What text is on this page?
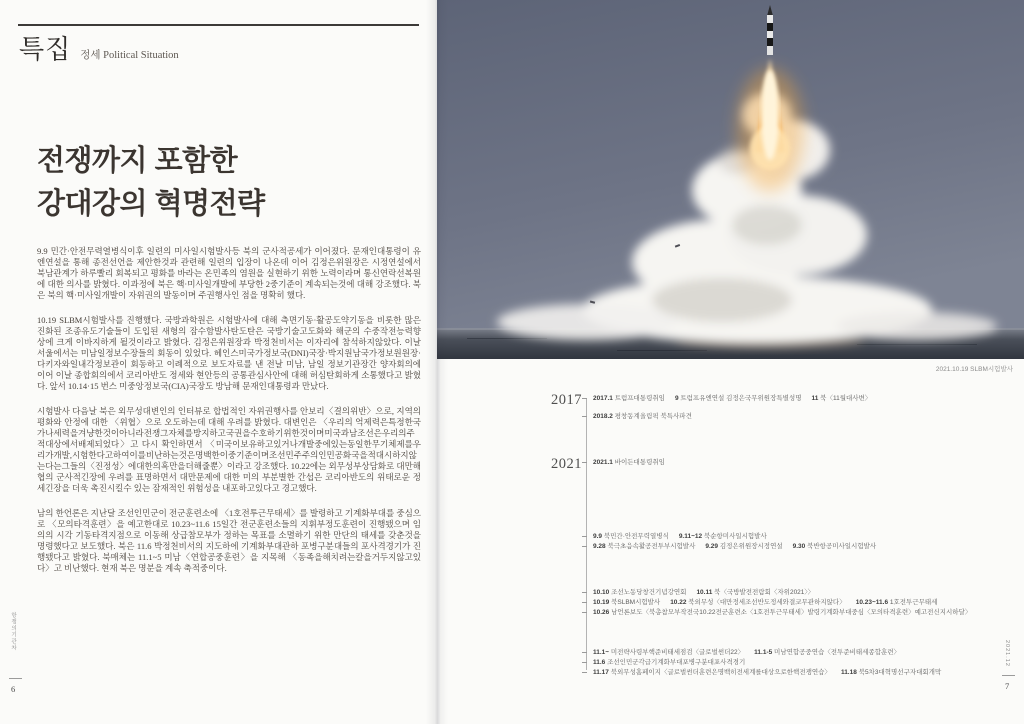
특집 정세 Political Situation
전쟁까지 포함한
강대강의 혁명전략

9.9 민간·안전무력열병식이후 일련의 미사일시험발사등 북의 군사적공세가 이어졌다. 문재인대통령이 유엔연설을 통해 종전선언을 제안한것과 관련해 일련의 입장이 나온데 이어 김정은위원장은 시정연설에서 북남관계가 하루빨리 회복되고 평화를 바라는 온민족의 염원을 실현하기 위한 노력이라며 통신연락선복원에 대한 의사를 밝혔다. 이과정에 북은 핵·미사일개발에 부당한 2중기준이 계속되는것에 대해 강조했다. 북은 북의 핵·미사일개발이 자위권의 발동이며 주권행사인 점을 명확히 했다.

10.19 SLBM시험발사를 진행했다. 국방과학원은 시험발사에 대해 측면기동·활공도약기동을 비롯한 많은 진화된 조종유도기술들이 도입된 새형의 잠수함발사탄도탄은 국방기술고도화와 해군의 수중작전능력향상에 크게 이바지하게 될것이라고 밝혔다. 김정은위원장과 박정천비서는 이자리에 참석하지않았다. 이날 서울에서는 미남일정보수장들의 회동이 있었다. 헤인스미국가정보국(DNI)국장·박지원남국가정보원원장·다키자와일내각정보관이 회동하고 이례적으로 보도자료를 낸 전날 미남, 남일 정보기관장간 양자회의에 이어 이날 종합회의에서 코리아반도 정세와 현안등의 공통관심사안에 대해 허심탄회하게 소통했다고 밝혔다. 앞서 10.14·15 번스 미중앙정보국(CIA)국장도 방남해 문재인대통령과 만났다.

시험발사 다음날 북은 외무성대변인의 인터뷰로 합법적인 자위권행사를 안보리〈결의위반〉으로, 지역의 평화와 안정에 대한 〈위협〉으로 오도하는데 대해 우려를 밝혔다. 대변인은 〈우리의 억제력은특정한국가나세력을겨냥한것이아니라전쟁그자체를방지하고국권을수호하기위한것이며미국과남조선은우리의주적대상에서배제되었다〉고 다시 확인하면서 〈미국이보유하고있거나개발중에있는동일한무기체제를우리가개발,시험한다고하여이를비난하는것은명백한이중기준이며조선민주주의인민공화국을적대시하지않는다는그들의〈진정성〉에대한의혹만을더해줄뿐〉이라고 강조했다. 10.22에는 외무성부상담화로 대만해협의 군사적긴장에 우려를 표명하면서 대만문제에 대한 미의 부분별한 간섭은 코리아반도의 위태로운 정세긴장을 더욱 촉진시킬수 있는 잠재적인 위험성을 내포하고있다고 경고했다.

남의 한언론은 지난달 조선인민군이 전군훈련소에 〈1호전투근무태세〉를 발령하고 기계화부대를 중심으로 〈모의타격훈련〉을 예고한대로 10.23~11.6 15일간 전군훈련소들의 지휘부정도훈련이 진행됐으며 임의의 시각 기동타격지점으로 이동해 상급참모부가 정하는 목표를 소멸하기 위한 만단의 태세를 갖춘것을 명령했다고 보도했다. 북은 11.6 박정천비서의 지도하에 기계화부대관하 포병구분대들의 포사격경기가 진행됐다고 밝혔다. 북매체는 11.1~5 미남〈연합공중훈련〉을 지목해 〈동족을해치려는칼을거두지않고있다〉고 비난했다. 현재 북은 명분을 계속 축적중이다.

항쟁의기관차
6
2021.10.19 SLBM시험발사
2017 2017.1 트럼프대통령취임 9 트럼프유엔연설 김정은국무위원장특별성명 11 북〈11월대사변〉
2018.2 평창동계올림픽 북특사파견
2021 2021.1 바이든대통령취임
9.9 북민간·안전무력열병식 9.11~12 북순항미사일시험발사
9.28 북극초음속활공전투부시험발사 9.29 김정은위원장시정연설 9.30 북반항공미사일시험발사
10.10 조선노동당창건기념강연회 10.11 북〈국방발전전람회〈자위2021〉〉
10.19 북SLBM시험발사 10.22 북외무성〈대만정세조선반도정세와결코무관하지않다〉 10.23~11.6 1호전투근무태세
10.26 남언론보도〈북총참모부작전국10.22전군훈련소〈1호전투근무태세〉발령기계화부대중심〈모의타격훈련〉예고전신지시하달〉
11.1~ 미전략사령부핵준비태세점검〈글로벌썬더22〉 11.1-5 미남연합공중연습〈전투준비태세종합훈련〉
11.6 조선인민군각급기계화부대포병구분대포사격경기
11.17 북외무성홈페이지〈글로벌썬더훈련은명백히전세계를대상으로한핵전쟁연습〉 11.18 북5차3대혁명선구자대회개막
2021.12
7
